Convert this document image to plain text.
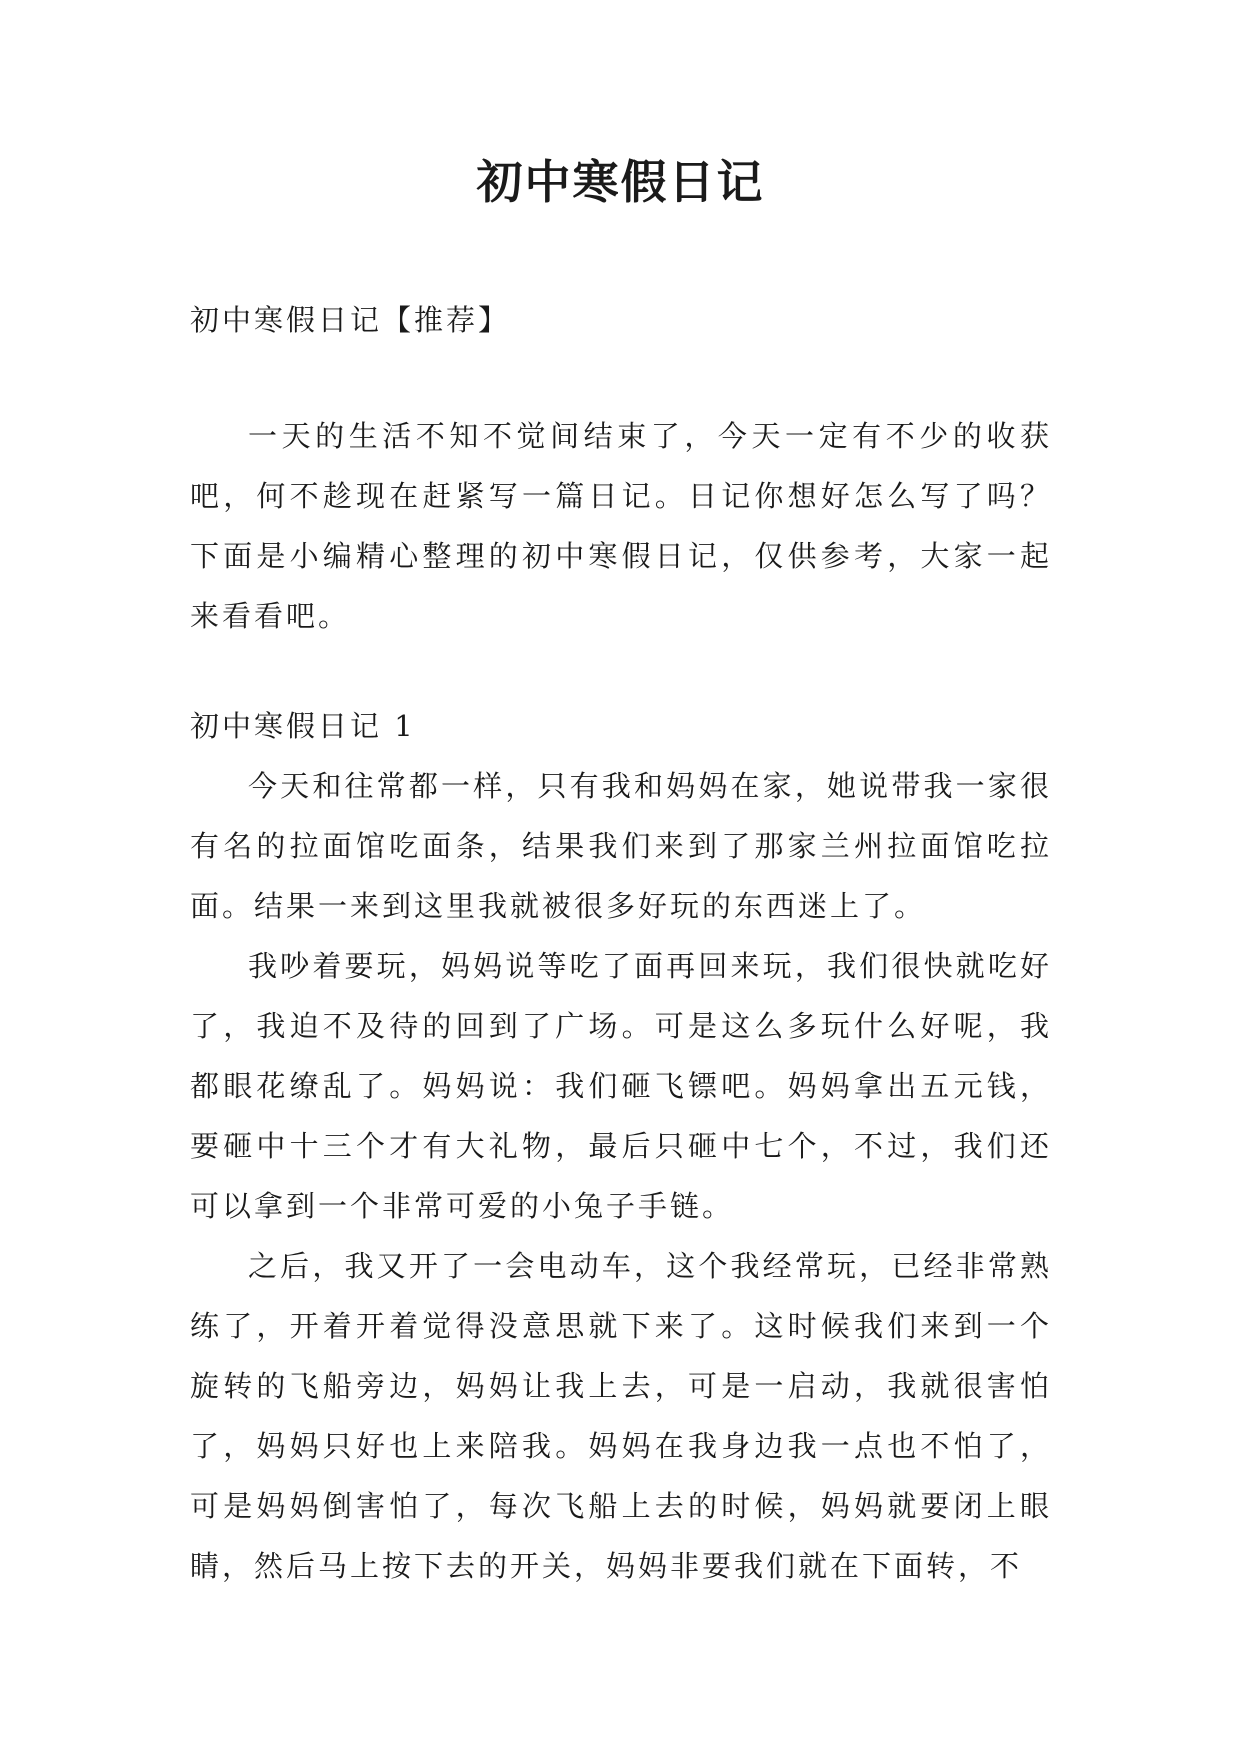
初中寒假日记

初中寒假日记【推荐】

一天的生活不知不觉间结束了，今天一定有不少的收获吧，何不趁现在赶紧写一篇日记。日记你想好怎么写了吗？下面是小编精心整理的初中寒假日记，仅供参考，大家一起来看看吧。

初中寒假日记 1

今天和往常都一样，只有我和妈妈在家，她说带我一家很有名的拉面馆吃面条，结果我们来到了那家兰州拉面馆吃拉面。结果一来到这里我就被很多好玩的东西迷上了。

我吵着要玩，妈妈说等吃了面再回来玩，我们很快就吃好了，我迫不及待的回到了广场。可是这么多玩什么好呢，我都眼花缭乱了。妈妈说：我们砸飞镖吧。妈妈拿出五元钱，要砸中十三个才有大礼物，最后只砸中七个，不过，我们还可以拿到一个非常可爱的小兔子手链。

之后，我又开了一会电动车，这个我经常玩，已经非常熟练了，开着开着觉得没意思就下来了。这时候我们来到一个旋转的飞船旁边，妈妈让我上去，可是一启动，我就很害怕了，妈妈只好也上来陪我。妈妈在我身边我一点也不怕了，可是妈妈倒害怕了，每次飞船上去的时候，妈妈就要闭上眼睛，然后马上按下去的开关，妈妈非要我们就在下面转，不
